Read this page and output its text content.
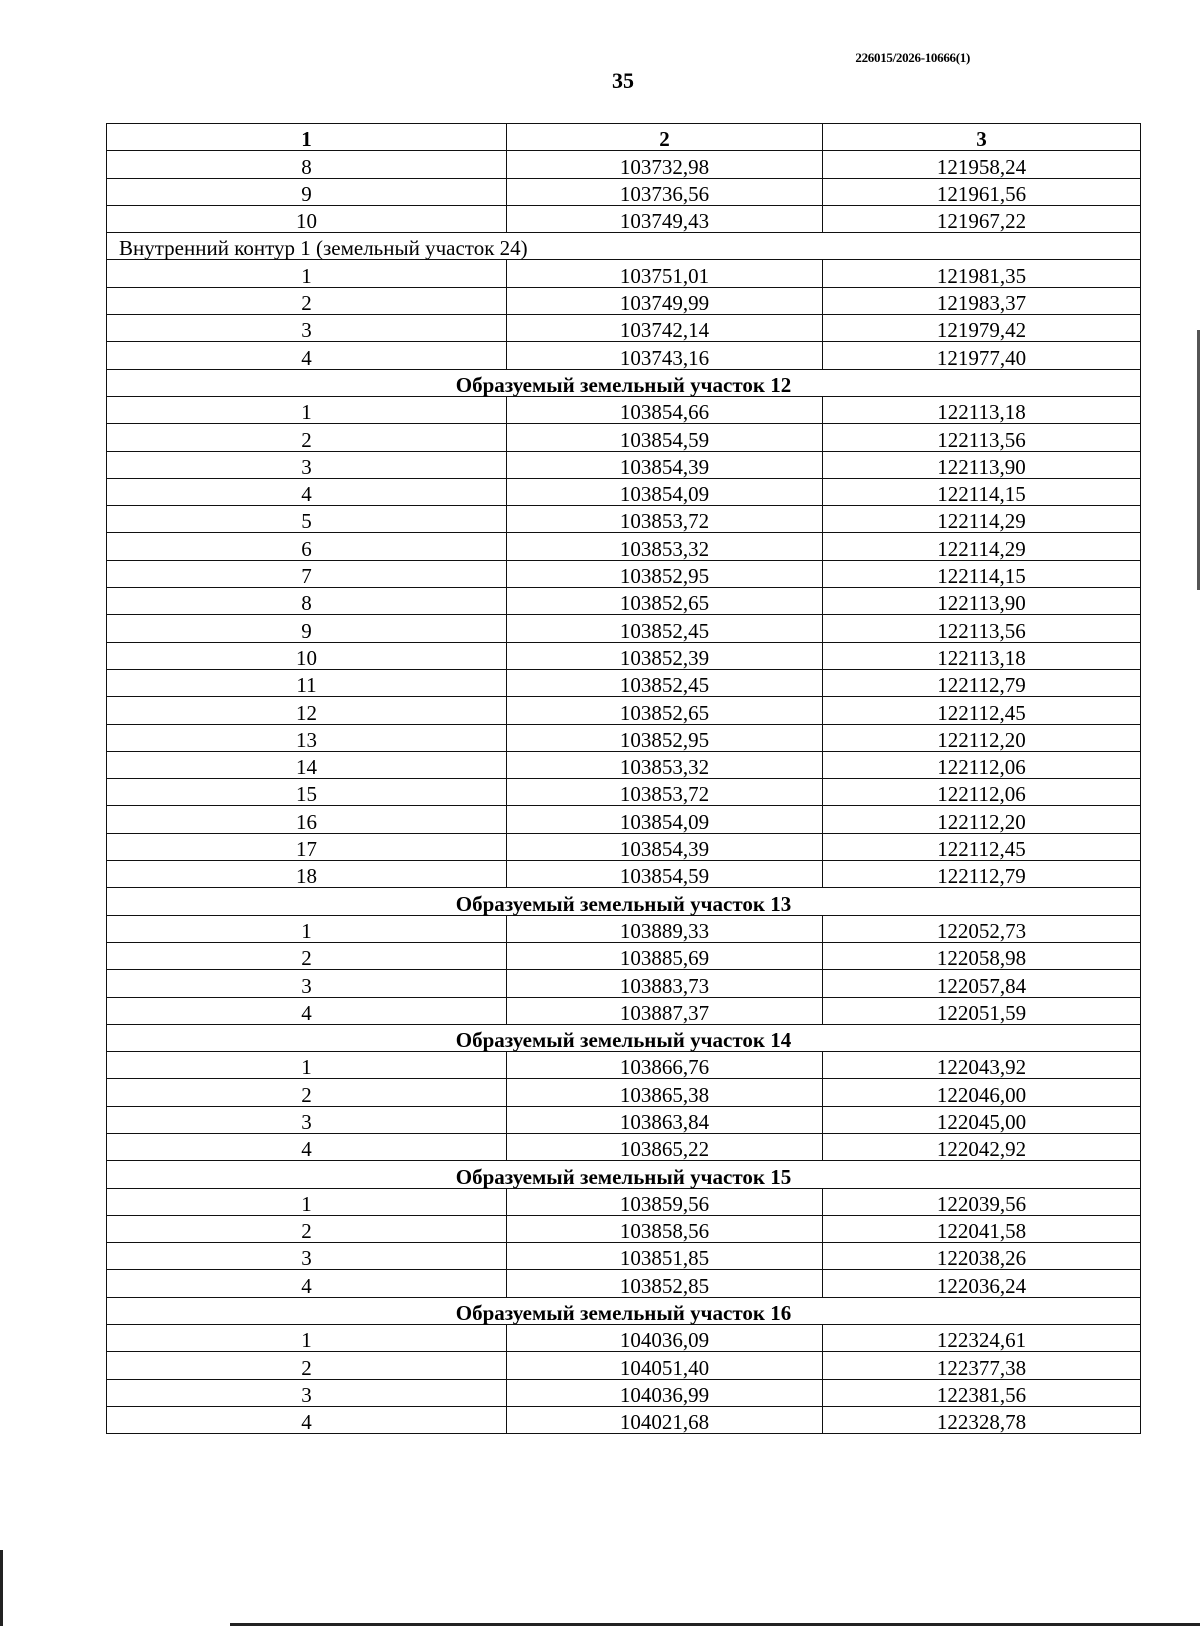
226015/2026-10666(1)
35
1	2	3
8	103732,98	121958,24
9	103736,56	121961,56
10	103749,43	121967,22
Внутренний контур 1 (земельный участок 24)		
1	103751,01	121981,35
2	103749,99	121983,37
3	103742,14	121979,42
4	103743,16	121977,40
Образуемый земельный участок 12		
1	103854,66	122113,18
2	103854,59	122113,56
3	103854,39	122113,90
4	103854,09	122114,15
5	103853,72	122114,29
6	103853,32	122114,29
7	103852,95	122114,15
8	103852,65	122113,90
9	103852,45	122113,56
10	103852,39	122113,18
11	103852,45	122112,79
12	103852,65	122112,45
13	103852,95	122112,20
14	103853,32	122112,06
15	103853,72	122112,06
16	103854,09	122112,20
17	103854,39	122112,45
18	103854,59	122112,79
Образуемый земельный участок 13		
1	103889,33	122052,73
2	103885,69	122058,98
3	103883,73	122057,84
4	103887,37	122051,59
Образуемый земельный участок 14		
1	103866,76	122043,92
2	103865,38	122046,00
3	103863,84	122045,00
4	103865,22	122042,92
Образуемый земельный участок 15		
1	103859,56	122039,56
2	103858,56	122041,58
3	103851,85	122038,26
4	103852,85	122036,24
Образуемый земельный участок 16		
1	104036,09	122324,61
2	104051,40	122377,38
3	104036,99	122381,56
4	104021,68	122328,78
